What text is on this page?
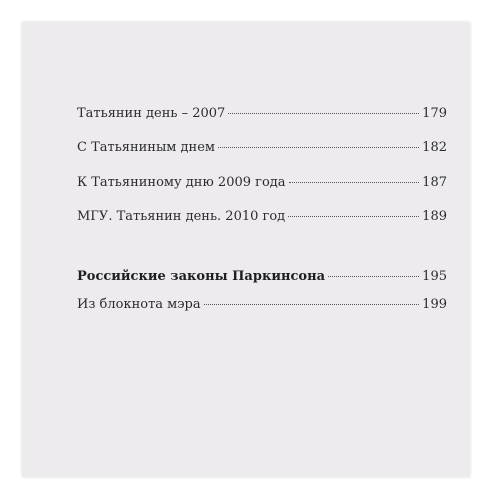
Татьянин день – 2007	179
С Татьяниным днем	182
К Татьяниному дню 2009 года	187
МГУ. Татьянин день. 2010 год	189
Российские законы Паркинсона	195
Из блокнота мэра	199
